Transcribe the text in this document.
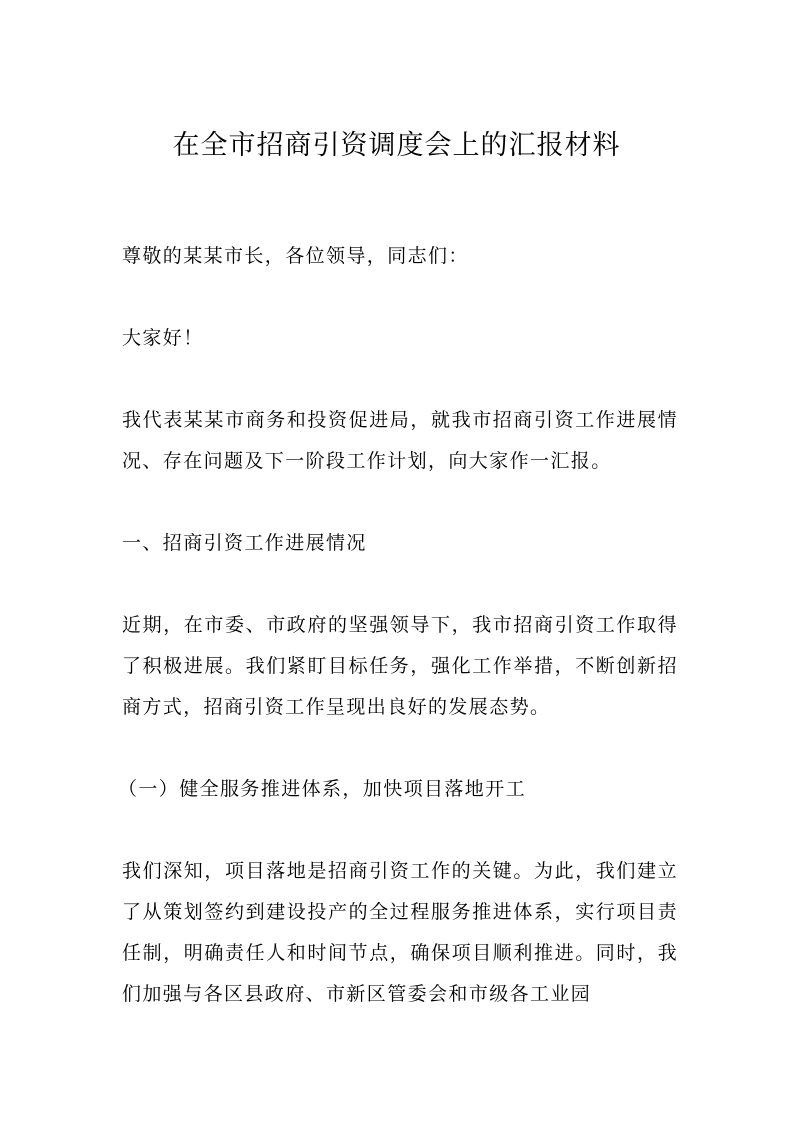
在全市招商引资调度会上的汇报材料

尊敬的某某市长，各位领导，同志们：

大家好！

我代表某某市商务和投资促进局，就我市招商引资工作进展情况、存在问题及下一阶段工作计划，向大家作一汇报。

一、招商引资工作进展情况

近期，在市委、市政府的坚强领导下，我市招商引资工作取得了积极进展。我们紧盯目标任务，强化工作举措，不断创新招商方式，招商引资工作呈现出良好的发展态势。

（一）健全服务推进体系，加快项目落地开工

我们深知，项目落地是招商引资工作的关键。为此，我们建立了从策划签约到建设投产的全过程服务推进体系，实行项目责任制，明确责任人和时间节点，确保项目顺利推进。同时，我们加强与各区县政府、市新区管委会和市级各工业园
